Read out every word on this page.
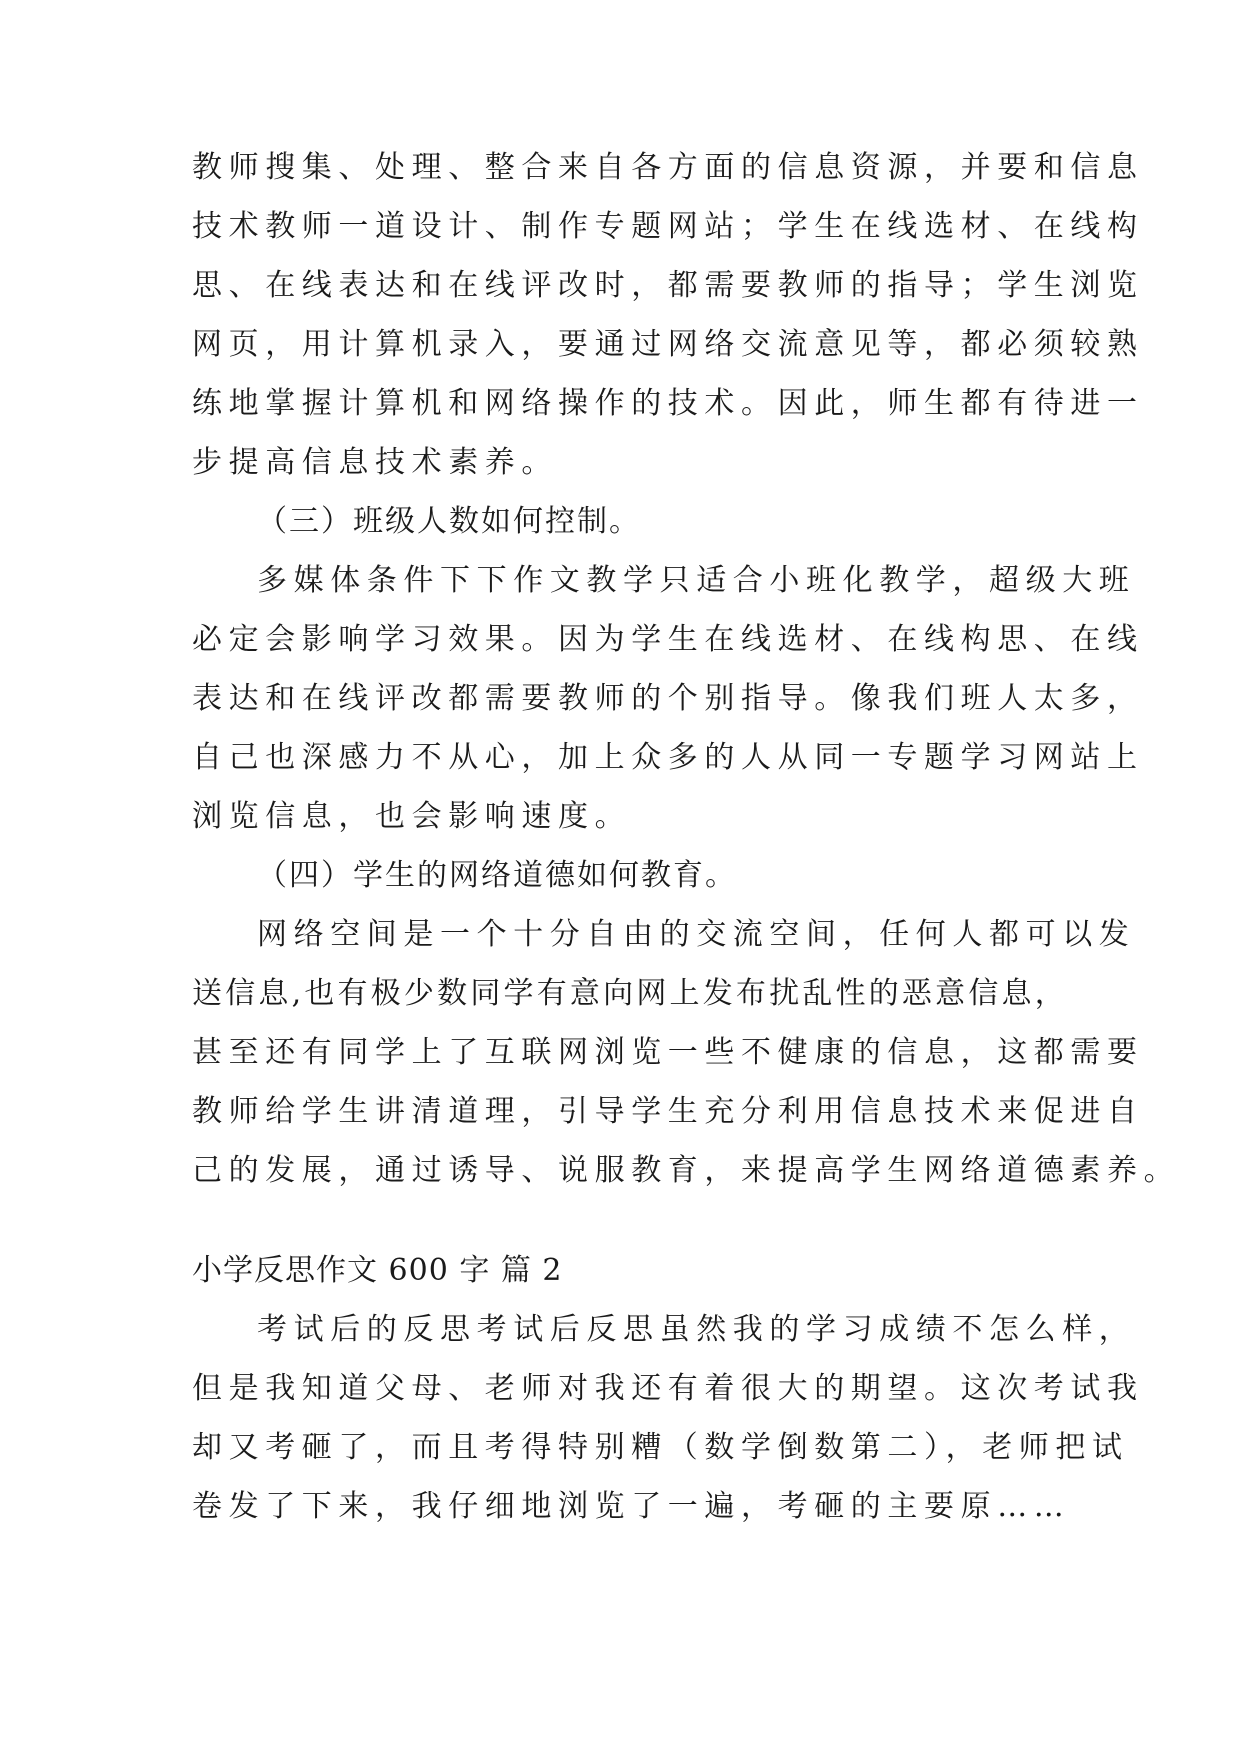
教师搜集、处理、整合来自各方面的信息资源，并要和信息
技术教师一道设计、制作专题网站；学生在线选材、在线构
思、在线表达和在线评改时，都需要教师的指导；学生浏览
网页，用计算机录入，要通过网络交流意见等，都必须较熟
练地掌握计算机和网络操作的技术。因此，师生都有待进一
步提高信息技术素养。
（三）班级人数如何控制。
多媒体条件下下作文教学只适合小班化教学，超级大班
必定会影响学习效果。因为学生在线选材、在线构思、在线
表达和在线评改都需要教师的个别指导。像我们班人太多，
自己也深感力不从心，加上众多的人从同一专题学习网站上
浏览信息，也会影响速度。
（四）学生的网络道德如何教育。
网络空间是一个十分自由的交流空间，任何人都可以发
送信息,也有极少数同学有意向网上发布扰乱性的恶意信息，
甚至还有同学上了互联网浏览一些不健康的信息，这都需要
教师给学生讲清道理，引导学生充分利用信息技术来促进自
己的发展，通过诱导、说服教育，来提高学生网络道德素养。
小学反思作文 600 字 篇 2
考试后的反思考试后反思虽然我的学习成绩不怎么样，
但是我知道父母、老师对我还有着很大的期望。这次考试我
却又考砸了，而且考得特别糟（数学倒数第二），老师把试
卷发了下来，我仔细地浏览了一遍，考砸的主要原……
